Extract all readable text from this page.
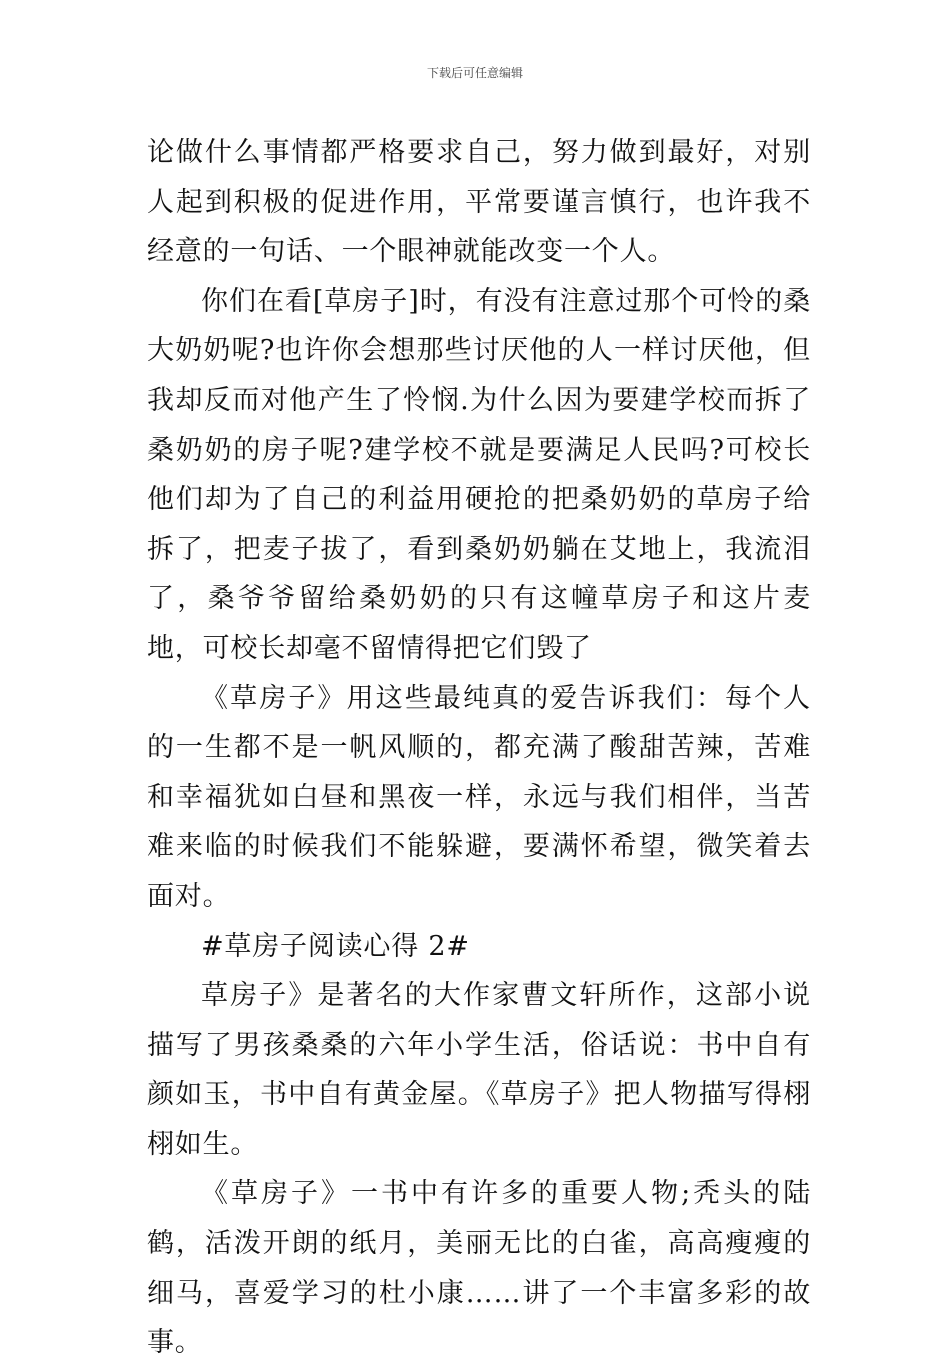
下载后可任意编辑

论做什么事情都严格要求自己，努力做到最好，对别人起到积极的促进作用，平常要谨言慎行，也许我不经意的一句话、一个眼神就能改变一个人。

你们在看[草房子]时，有没有注意过那个可怜的桑大奶奶呢?也许你会想那些讨厌他的人一样讨厌他，但我却反而对他产生了怜悯.为什么因为要建学校而拆了桑奶奶的房子呢?建学校不就是要满足人民吗?可校长他们却为了自己的利益用硬抢的把桑奶奶的草房子给拆了，把麦子拔了，看到桑奶奶躺在艾地上，我流泪了，桑爷爷留给桑奶奶的只有这幢草房子和这片麦地，可校长却毫不留情得把它们毁了

《草房子》用这些最纯真的爱告诉我们：每个人的一生都不是一帆风顺的，都充满了酸甜苦辣，苦难和幸福犹如白昼和黑夜一样，永远与我们相伴，当苦难来临的时候我们不能躲避，要满怀希望，微笑着去面对。

#草房子阅读心得 2#

草房子》是著名的大作家曹文轩所作，这部小说描写了男孩桑桑的六年小学生活，俗话说：书中自有颜如玉，书中自有黄金屋。《草房子》把人物描写得栩栩如生。

《草房子》一书中有许多的重要人物;秃头的陆鹤，活泼开朗的纸月，美丽无比的白雀，高高瘦瘦的细马，喜爱学习的杜小康……讲了一个丰富多彩的故事。
